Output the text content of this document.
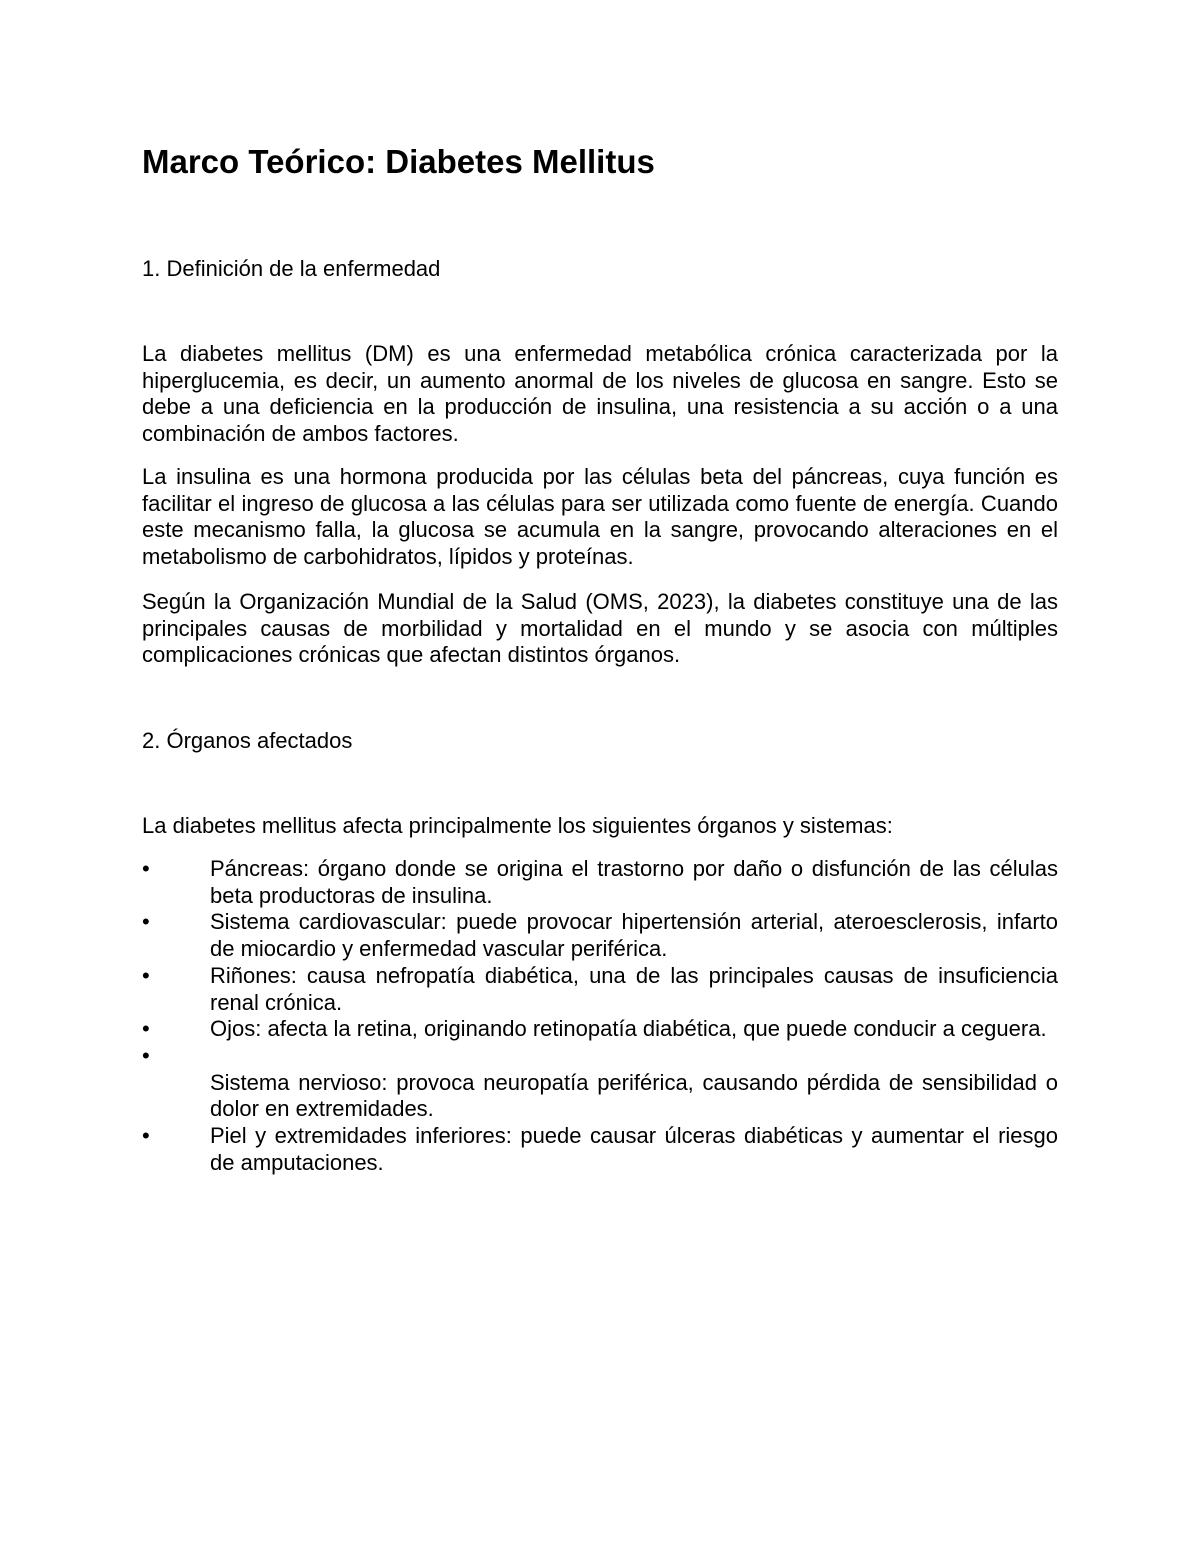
Marco Teórico: Diabetes Mellitus
1. Definición de la enfermedad

La diabetes mellitus (DM) es una enfermedad metabólica crónica caracterizada por la hiperglucemia, es decir, un aumento anormal de los niveles de glucosa en sangre. Esto se debe a una deficiencia en la producción de insulina, una resistencia a su acción o a una combinación de ambos factores.

La insulina es una hormona producida por las células beta del páncreas, cuya función es facilitar el ingreso de glucosa a las células para ser utilizada como fuente de energía. Cuando este mecanismo falla, la glucosa se acumula en la sangre, provocando alteraciones en el metabolismo de carbohidratos, lípidos y proteínas.

Según la Organización Mundial de la Salud (OMS, 2023), la diabetes constituye una de las principales causas de morbilidad y mortalidad en el mundo y se asocia con múltiples complicaciones crónicas que afectan distintos órganos.

2. Órganos afectados

La diabetes mellitus afecta principalmente los siguientes órganos y sistemas:

•	Páncreas: órgano donde se origina el trastorno por daño o disfunción de las células beta productoras de insulina.
•	Sistema cardiovascular: puede provocar hipertensión arterial, ateroesclerosis, infarto de miocardio y enfermedad vascular periférica.
•	Riñones: causa nefropatía diabética, una de las principales causas de insuficiencia renal crónica.
•	Ojos: afecta la retina, originando retinopatía diabética, que puede conducir a ceguera.
•
Sistema nervioso: provoca neuropatía periférica, causando pérdida de sensibilidad o dolor en extremidades.
•	Piel y extremidades inferiores: puede causar úlceras diabéticas y aumentar el riesgo de amputaciones.
